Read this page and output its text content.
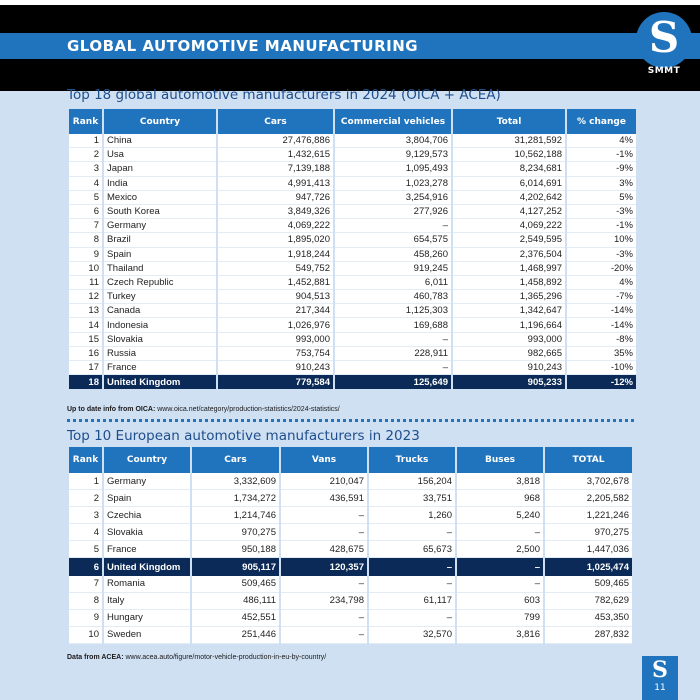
GLOBAL AUTOMOTIVE MANUFACTURING	S
SMMT
Top 18 global automotive manufacturers in 2024 (OICA + ACEA)
Rank	Country	Cars	Commercial vehicles	Total	% change
1	China	27,476,886	3,804,706	31,281,592	4%
2	Usa	1,432,615	9,129,573	10,562,188	-1%
3	Japan	7,139,188	1,095,493	8,234,681	-9%
4	India	4,991,413	1,023,278	6,014,691	3%
5	Mexico	947,726	3,254,916	4,202,642	5%
6	South Korea	3,849,326	277,926	4,127,252	-3%
7	Germany	4,069,222	–	4,069,222	-1%
8	Brazil	1,895,020	654,575	2,549,595	10%
9	Spain	1,918,244	458,260	2,376,504	-3%
10	Thailand	549,752	919,245	1,468,997	-20%
11	Czech Republic	1,452,881	6,011	1,458,892	4%
12	Turkey	904,513	460,783	1,365,296	-7%
13	Canada	217,344	1,125,303	1,342,647	-14%
14	Indonesia	1,026,976	169,688	1,196,664	-14%
15	Slovakia	993,000	–	993,000	-8%
16	Russia	753,754	228,911	982,665	35%
17	France	910,243	–	910,243	-10%
18	United Kingdom	779,584	125,649	905,233	-12%
Up to date info from OICA: www.oica.net/category/production-statistics/2024-statistics/
Top 10 European automotive manufacturers in 2023
Rank	Country	Cars	Vans	Trucks	Buses	TOTAL
1	Germany	3,332,609	210,047	156,204	3,818	3,702,678
2	Spain	1,734,272	436,591	33,751	968	2,205,582
3	Czechia	1,214,746	–	1,260	5,240	1,221,246
4	Slovakia	970,275	–	–	–	970,275
5	France	950,188	428,675	65,673	2,500	1,447,036
6	United Kingdom	905,117	120,357	–	–	1,025,474
7	Romania	509,465	–	–	–	509,465
8	Italy	486,111	234,798	61,117	603	782,629
9	Hungary	452,551	–	–	799	453,350
10	Sweden	251,446	–	32,570	3,816	287,832
Data from ACEA: www.acea.auto/figure/motor-vehicle-production-in-eu-by-country/	S
11
